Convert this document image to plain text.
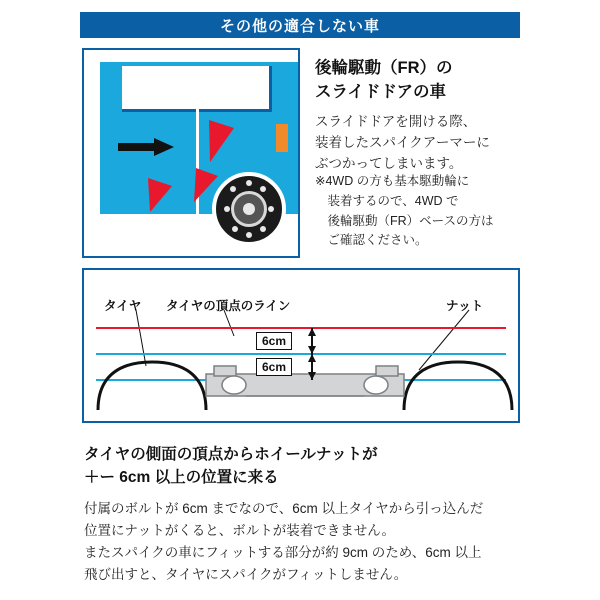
その他の適合しない車
後輪駆動（FR）の
スライドドアの車
スライドドアを開ける際、
装着したスパイクアーマーに
ぶつかってしまいます。
※4WD の方も基本駆動輪に
　装着するので、4WD で
　後輪駆動（FR）ベースの方は
　ご確認ください。
タイヤ タイヤの頂点のライン	ナット
6cm
6cm
タイヤの側面の頂点からホイールナットが
＋ー 6cm 以上の位置に来る
付属のボルトが 6cm までなので、6cm 以上タイヤから引っ込んだ
位置にナットがくると、ボルトが装着できません。
またスパイクの車にフィットする部分が約 9cm のため、6cm 以上
飛び出すと、タイヤにスパイクがフィットしません。
